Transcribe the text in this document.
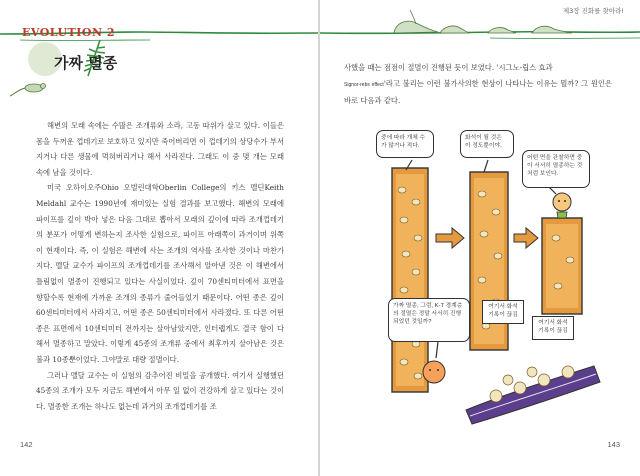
EVOLUTION 2
가짜 멸종

해변의 모래 속에는 수많은 조개류와 소라, 고동 따위가 살고 있다. 이들은 몸을 두꺼운 껍데기로 보호하고 있지만 죽어버리면 이 껍데기의 상당수가 부서지거나 다른 생물에 먹혀버리거나 해서 사라진다. 그래도 이 중 몇 개는 모래 속에 남을 것이다.

미국 오하이오주Ohio 오벌린대학Oberlin College의 키스 멜딘Keith Meldahl 교수는 1990년에 재미있는 실험 결과를 보고했다. 해변의 모래에 파이프를 깊이 박아 넣은 다음 그대로 뽑아서 모래의 깊이에 따라 조개껍데기의 분포가 어떻게 변하는지 조사한 실험으로, 파이프 아래쪽이 과거이며 위쪽이 현재이다. 즉, 이 실험은 해변에 사는 조개의 역사를 조사한 것이나 마찬가지다. 멜달 교수가 파이프의 조개껍데기를 조사해서 알아낸 것은 이 해변에서 틀림없이 멸종이 진행되고 있다는 사실이었다. 깊이 70센티미터에서 표면을 향할수록 현재에 가까운 조개의 종류가 줄어들었기 때문이다. 어떤 종은 깊이 60센티미터에서 사라지고, 어떤 종은 50센티미터에서 사라졌다. 또 다른 어떤 종은 표면에서 10센티미터 전까지는 살아남았지만, 인터랩게도 결국 함이 다해서 멸종하고 말았다. 이렇게 45종의 조개류 중에서 최후까지 살아남은 것은 불과 10종뿐이었다. 그야말로 대량 절멸이다.

그러나 멜달 교수는 이 실험의 감추어진 비밀을 공개했다. 여기서 실행했던 45종의 조개가 모두 지금도 해변에서 아무 일 없이 건강하게 살고 있다는 것이다. 멸종한 조개는 하나도 없는데 과거의 조개껍데기를 조

142
제3장 진화를 찾아라!

사했을 때는 점점이 절멸이 진행된 듯이 보였다. '시그노-립스 효과
Signor-rebs effect'라고 불리는 이런 불가사의한 현상이 나타나는 이유는 뭘까? 그 원인은 바로 다음과 같다.

중에 따라 개체 수가 많거나 적다.
화석이 될 것은 이 정도뿐이야.
어떤 면을 관찰하면 중이 서서히 멸종하는 것처럼 보인다.
가짜 멸종, 그럼, K-T 경계층의 절멸은 정말 서서히 진행되었던 것일까?
여기서 화석 기록이 끊김
여기서 화석 기록이 끊김
143
